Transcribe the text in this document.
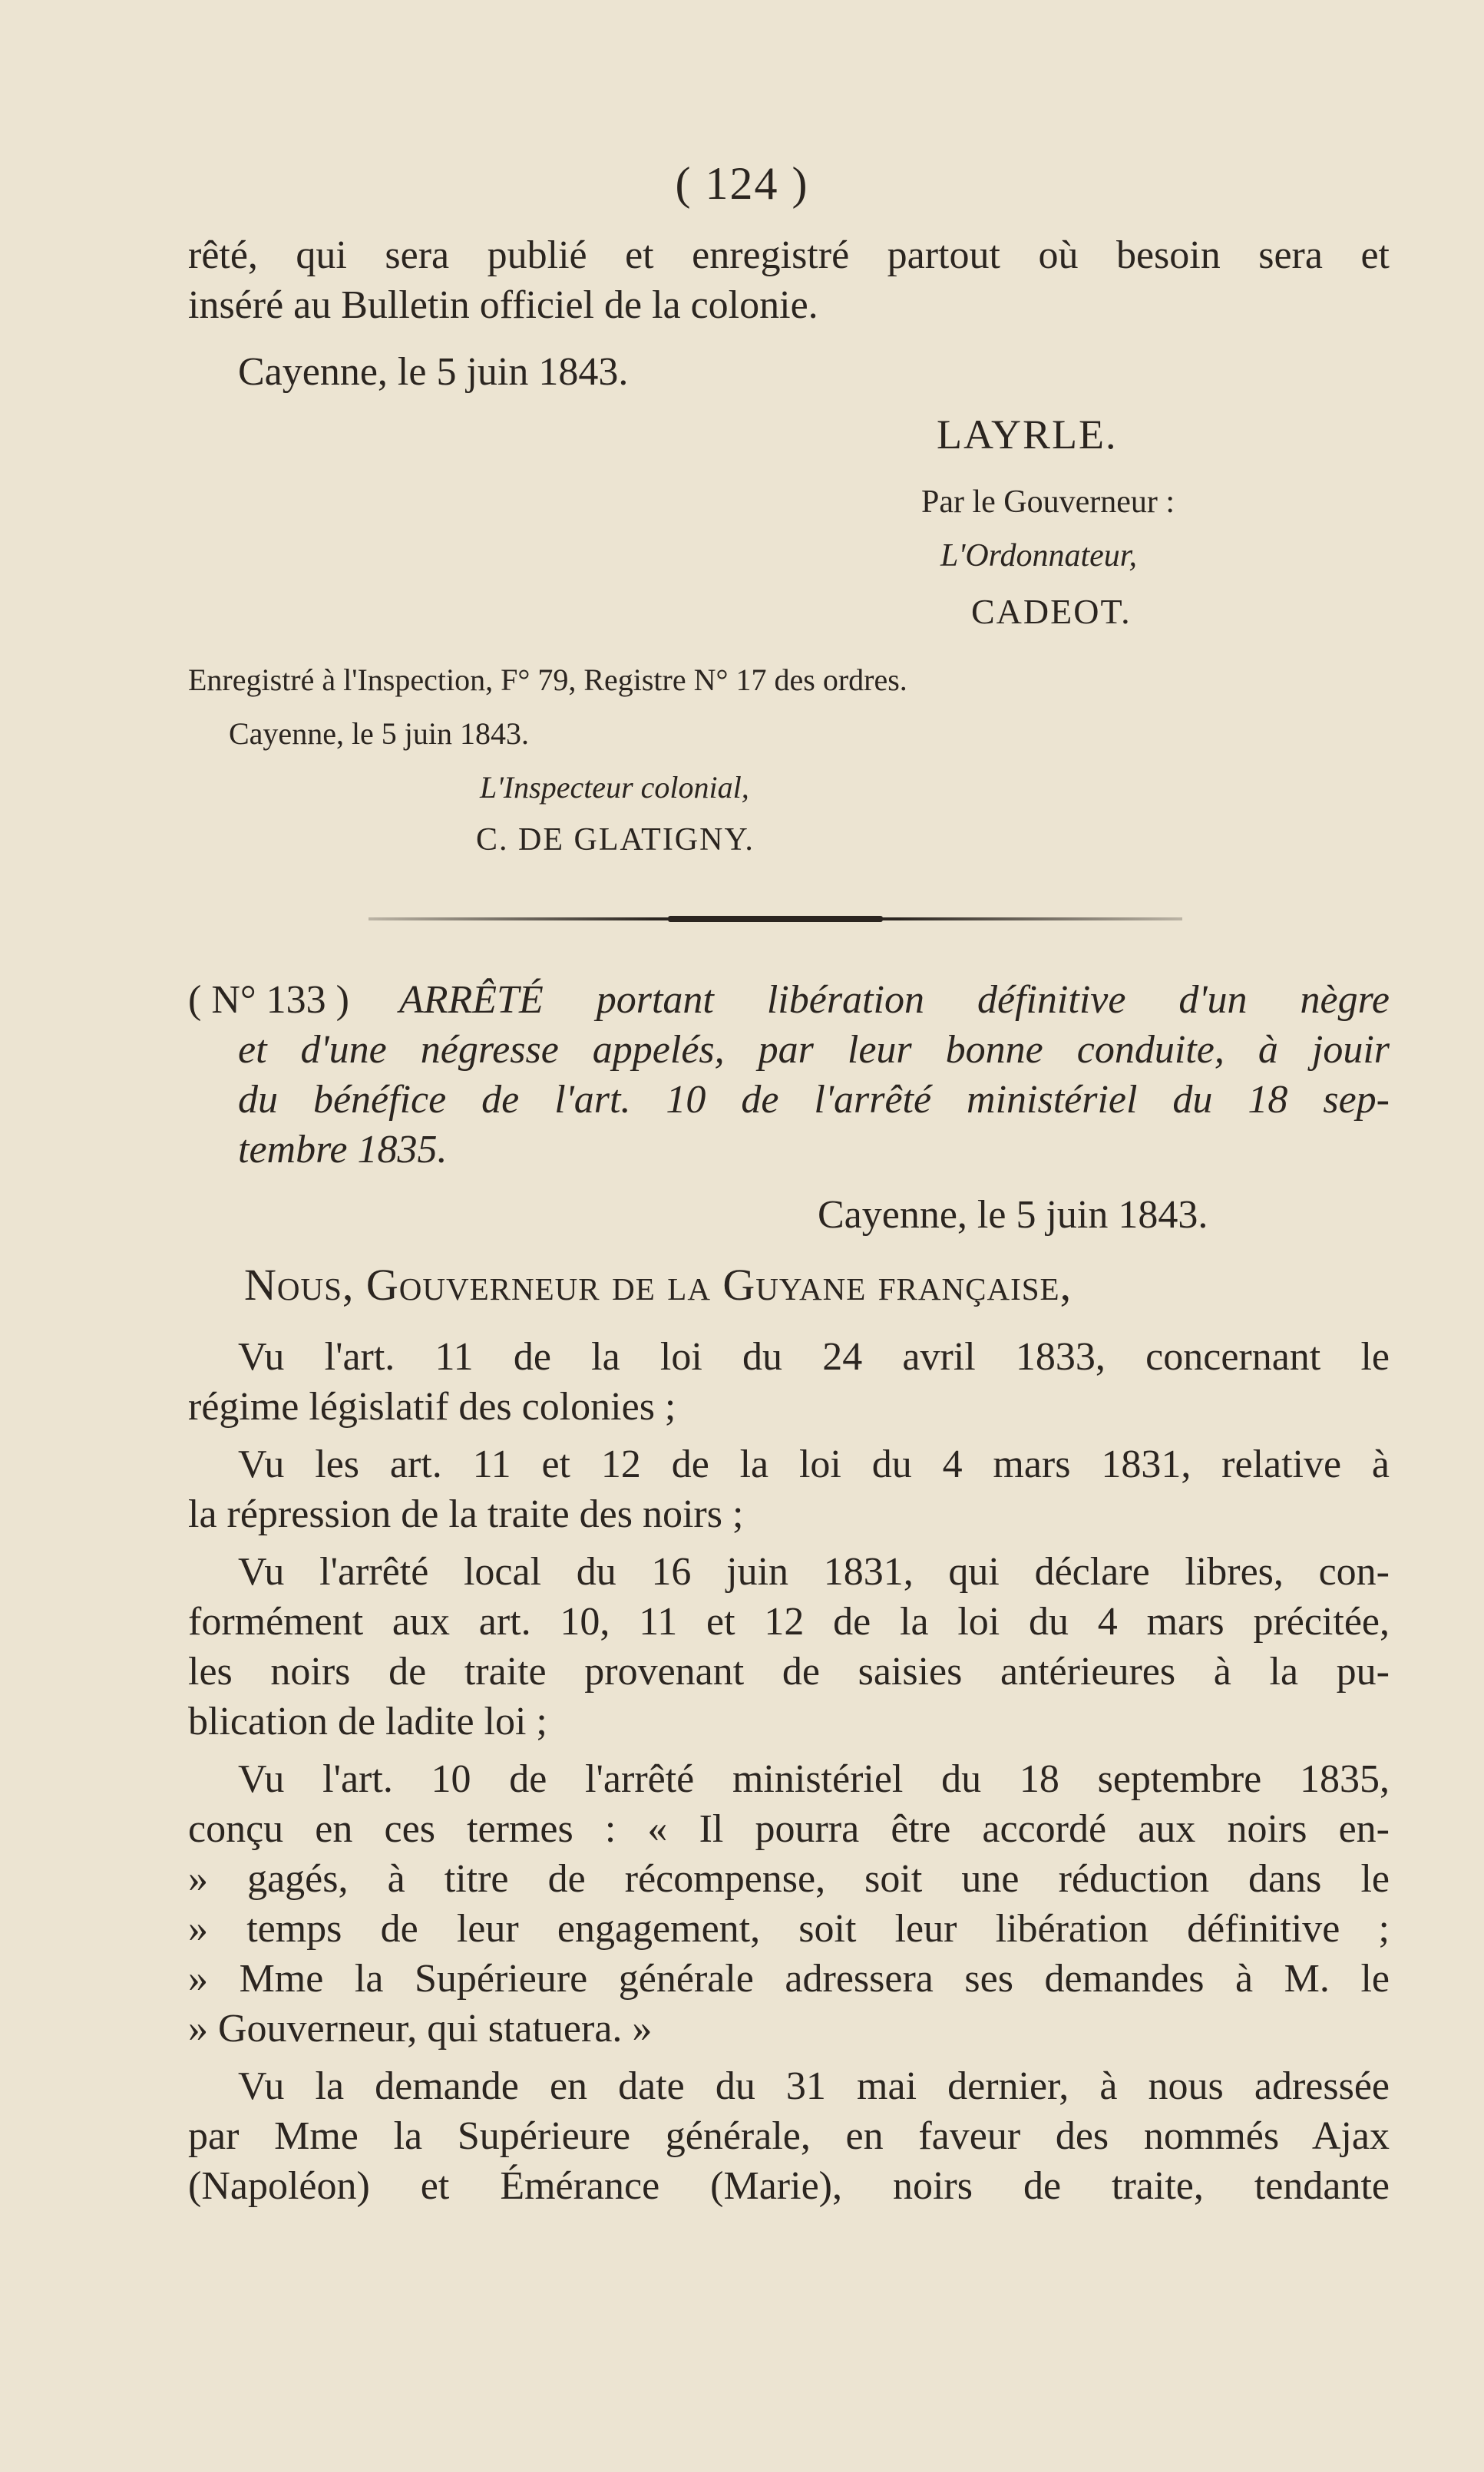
( 124 )

rêté, qui sera publié et enregistré partout où besoin sera et

inséré au Bulletin officiel de la colonie.

Cayenne, le 5 juin 1843.

LAYRLE.

Par le Gouverneur :

L'Ordonnateur,

CADEOT.

Enregistré à l'Inspection, F° 79, Registre N° 17 des ordres.

Cayenne, le 5 juin 1843.

L'Inspecteur colonial,

C. DE GLATIGNY.

( N° 133 ) ARRÊTÉ portant libération définitive d'un nègre

et d'une négresse appelés, par leur bonne conduite, à jouir

du bénéfice de l'art. 10 de l'arrêté ministériel du 18 sep-

tembre 1835.

Cayenne, le 5 juin 1843.

Nous, Gouverneur de la Guyane française,

Vu l'art. 11 de la loi du 24 avril 1833, concernant le

régime législatif des colonies ;

Vu les art. 11 et 12 de la loi du 4 mars 1831, relative à

la répression de la traite des noirs ;

Vu l'arrêté local du 16 juin 1831, qui déclare libres, con-

formément aux art. 10, 11 et 12 de la loi du 4 mars précitée,

les noirs de traite provenant de saisies antérieures à la pu-

blication de ladite loi ;

Vu l'art. 10 de l'arrêté ministériel du 18 septembre 1835,

conçu en ces termes : « Il pourra être accordé aux noirs en-

» gagés, à titre de récompense, soit une réduction dans le

» temps de leur engagement, soit leur libération définitive ;

» Mme la Supérieure générale adressera ses demandes à M. le

» Gouverneur, qui statuera. »

Vu la demande en date du 31 mai dernier, à nous adressée

par Mme la Supérieure générale, en faveur des nommés Ajax

(Napoléon) et Émérance (Marie), noirs de traite, tendante
